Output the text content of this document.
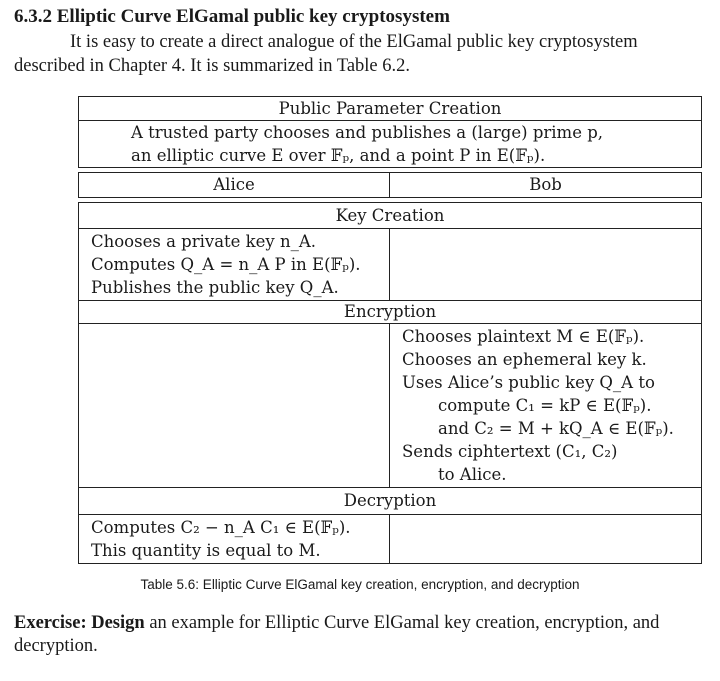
6.3.2 Elliptic Curve ElGamal public key cryptosystem
It is easy to create a direct analogue of the ElGamal public key cryptosystem described in Chapter 4. It is summarized in Table 6.2.
Public Parameter Creation
A trusted party chooses and publishes a (large) prime p,
an elliptic curve E over 𝔽ₚ, and a point P in E(𝔽ₚ).
Alice	Bob
Key Creation
Chooses a private key n_A.
Computes Q_A = n_A P in E(𝔽ₚ).
Publishes the public key Q_A.
Encryption
Chooses plaintext M ∈ E(𝔽ₚ).
Chooses an ephemeral key k.
Uses Alice’s public key Q_A to
compute C₁ = kP ∈ E(𝔽ₚ).
and C₂ = M + kQ_A ∈ E(𝔽ₚ).
Sends ciphtertext (C₁, C₂)
to Alice.
Decryption
Computes C₂ − n_A C₁ ∈ E(𝔽ₚ).
This quantity is equal to M.
Table 5.6: Elliptic Curve ElGamal key creation, encryption, and decryption
Exercise: Design an example for Elliptic Curve ElGamal key creation, encryption, and decryption.
